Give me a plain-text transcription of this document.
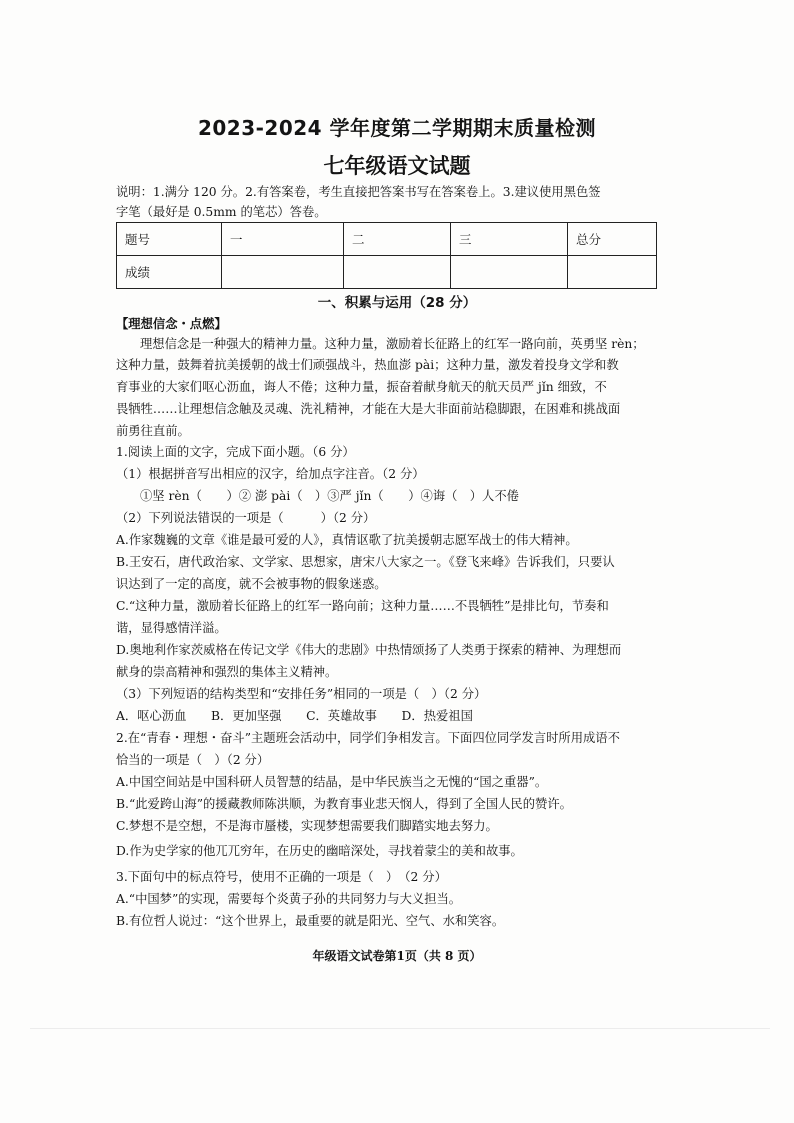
2023-2024 学年度第二学期期末质量检测
七年级语文试题
说明：1.满分 120 分。2.有答案卷，考生直接把答案书写在答案卷上。3.建议使用黑色签
字笔（最好是 0.5mm 的笔芯）答卷。
题号	一	二	三	总分
成绩				
一、积累与运用（28 分）
【理想信念・点燃】
理想信念是一种强大的精神力量。这种力量，激励着长征路上的红军一路向前，英勇坚 rèn；
这种力量，鼓舞着抗美援朝的战士们顽强战斗，热血澎 pài；这种力量，激发着投身文学和教
育事业的大家们呕心沥血，诲人不倦；这种力量，振奋着献身航天的航天员严 jǐn 细致，不
畏牺牲……让理想信念触及灵魂、洗礼精神，才能在大是大非面前站稳脚跟，在困难和挑战面
前勇往直前。
1.阅读上面的文字，完成下面小题。（6 分）
（1）根据拼音写出相应的汉字，给加点字注音。（2 分）
①坚 rèn（　　）② 澎 pài（　）③严 jǐn（　　）④诲（　）人不倦
（2）下列说法错误的一项是（　　　）（2 分）
A.作家魏巍的文章《谁是最可爱的人》，真情讴歌了抗美援朝志愿军战士的伟大精神。
B.王安石，唐代政治家、文学家、思想家，唐宋八大家之一。《登飞来峰》告诉我们，只要认
识达到了一定的高度，就不会被事物的假象迷惑。
C.“这种力量，激励着长征路上的红军一路向前；这种力量……不畏牺牲”是排比句，节奏和
谐，显得感情洋溢。
D.奥地利作家茨威格在传记文学《伟大的悲剧》中热情颂扬了人类勇于探索的精神、为理想而
献身的崇高精神和强烈的集体主义精神。
（3）下列短语的结构类型和“安排任务”相同的一项是（　）（2 分）
A．呕心沥血　　B．更加坚强　　C．英雄故事　　D．热爱祖国
2.在“青春・理想・奋斗”主题班会活动中，同学们争相发言。下面四位同学发言时所用成语不
恰当的一项是（　）（2 分）
A.中国空间站是中国科研人员智慧的结晶，是中华民族当之无愧的“国之重器”。
B.“此爱跨山海”的援藏教师陈洪顺，为教育事业悲天悯人，得到了全国人民的赞许。
C.梦想不是空想，不是海市蜃楼，实现梦想需要我们脚踏实地去努力。
D.作为史学家的他兀兀穷年，在历史的幽暗深处，寻找着蒙尘的美和故事。
3.下面句中的标点符号，使用不正确的一项是（　）　（2 分）
A.“中国梦”的实现，需要每个炎黄子孙的共同努力与大义担当。
B.有位哲人说过：“这个世界上，最重要的就是阳光、空气、水和笑容。
年级语文试卷第1页（共 8 页）
